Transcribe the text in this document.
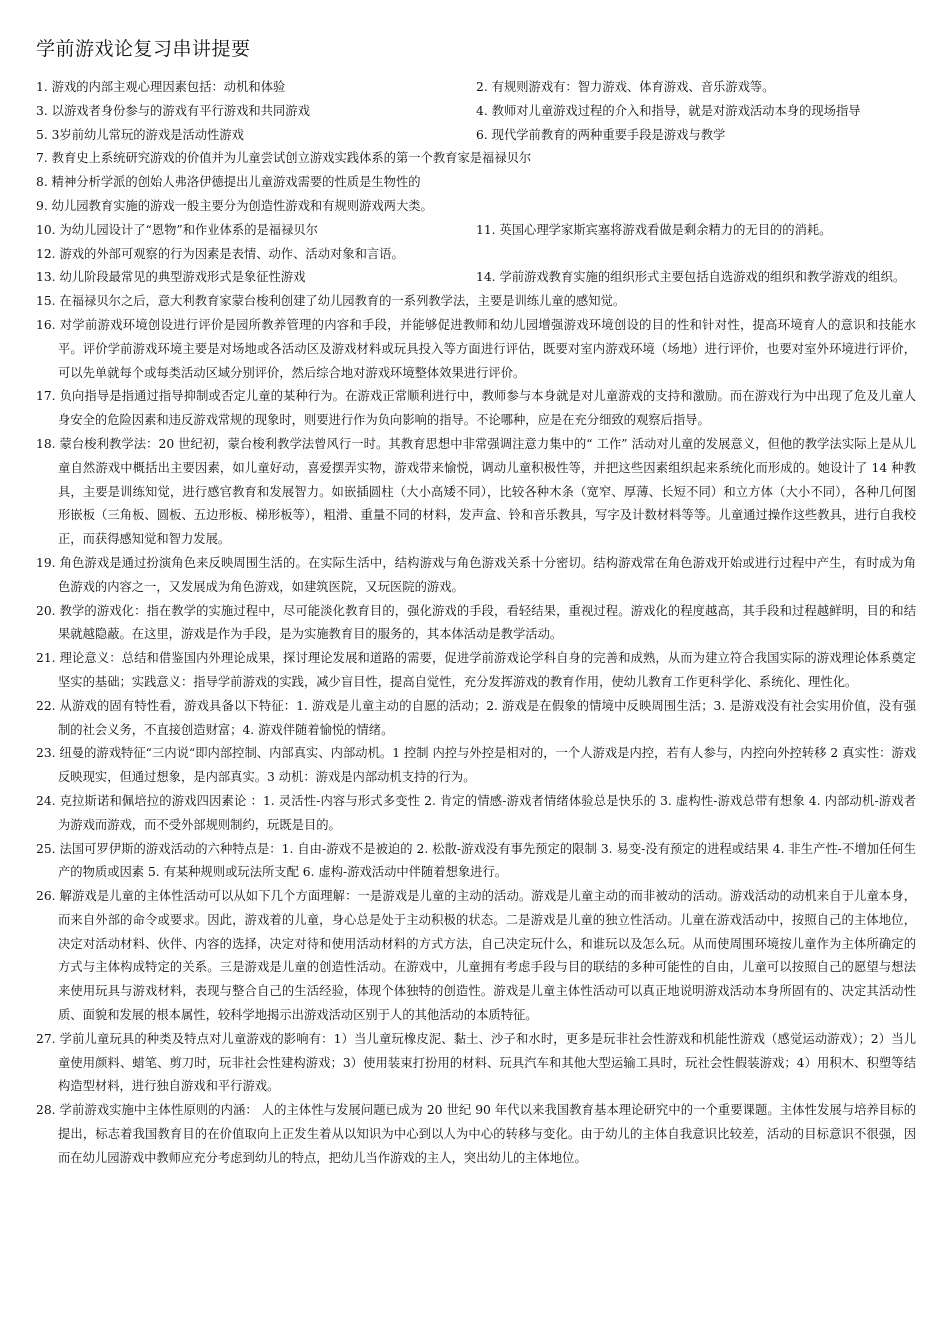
学前游戏论复习串讲提要
1. 游戏的内部主观心理因素包括：动机和体验	2. 有规则游戏有：智力游戏、体育游戏、音乐游戏等。
3. 以游戏者身份参与的游戏有平行游戏和共同游戏	4. 教师对儿童游戏过程的介入和指导，就是对游戏活动本身的现场指导
5. 3岁前幼儿常玩的游戏是活动性游戏	6. 现代学前教育的两种重要手段是游戏与教学
7. 教育史上系统研究游戏的价值并为儿童尝试创立游戏实践体系的第一个教育家是福禄贝尔
8. 精神分析学派的创始人弗洛伊德提出儿童游戏需要的性质是生物性的
9. 幼儿园教育实施的游戏一般主要分为创造性游戏和有规则游戏两大类。
10. 为幼儿园设计了“恩物”和作业体系的是福禄贝尔	11. 英国心理学家斯宾塞将游戏看做是剩余精力的无目的的消耗。
12. 游戏的外部可观察的行为因素是表情、动作、活动对象和言语。
13. 幼儿阶段最常见的典型游戏形式是象征性游戏	14. 学前游戏教育实施的组织形式主要包括自选游戏的组织和教学游戏的组织。
15. 在福禄贝尔之后，意大利教育家蒙台梭利创建了幼儿园教育的一系列教学法，主要是训练儿童的感知觉。
16. 对学前游戏环境创设进行评价是园所教养管理的内容和手段，并能够促进教师和幼儿园增强游戏环境创设的目的性和针对性，提高环境育人的意识和技能水平。评价学前游戏环境主要是对场地或各活动区及游戏材料或玩具投入等方面进行评估，既要对室内游戏环境（场地）进行评价，也要对室外环境进行评价，可以先单就每个或每类活动区域分别评价，然后综合地对游戏环境整体效果进行评价。
17. 负向指导是指通过指导抑制或否定儿童的某种行为。在游戏正常顺利进行中，教师参与本身就是对儿童游戏的支持和激励。而在游戏行为中出现了危及儿童人身安全的危险因素和违反游戏常规的现象时，则要进行作为负向影响的指导。不论哪种，应是在充分细致的观察后指导。
18. 蒙台梭利教学法：20 世纪初，蒙台梭利教学法曾风行一时。其教育思想中非常强调注意力集中的“ 工作” 活动对儿童的发展意义，但他的教学法实际上是从儿童自然游戏中概括出主要因素，如儿童好动，喜爱摆弄实物，游戏带来愉悦，调动儿童积极性等，并把这些因素组织起来系统化而形成的。她设计了 14 种教具，主要是训练知觉，进行感官教育和发展智力。如嵌插圆柱（大小高矮不同），比较各种木条（宽窄、厚薄、长短不同）和立方体（大小不同），各种几何图形嵌板（三角板、圆板、五边形板、梯形板等），粗滑、重量不同的材料，发声盒、铃和音乐教具，写字及计数材料等等。儿童通过操作这些教具，进行自我校正，而获得感知觉和智力发展。
19. 角色游戏是通过扮演角色来反映周围生活的。在实际生活中，结构游戏与角色游戏关系十分密切。结构游戏常在角色游戏开始或进行过程中产生，有时成为角色游戏的内容之一，又发展成为角色游戏，如建筑医院，又玩医院的游戏。
20. 教学的游戏化：指在教学的实施过程中，尽可能淡化教育目的，强化游戏的手段，看轻结果，重视过程。游戏化的程度越高，其手段和过程越鲜明，目的和结果就越隐蔽。在这里，游戏是作为手段，是为实施教育目的服务的，其本体活动是教学活动。
21. 理论意义：总结和借鉴国内外理论成果，探讨理论发展和道路的需要，促进学前游戏论学科自身的完善和成熟，从而为建立符合我国实际的游戏理论体系奠定坚实的基础；实践意义：指导学前游戏的实践，减少盲目性，提高自觉性，充分发挥游戏的教育作用，使幼儿教育工作更科学化、系统化、理性化。
22. 从游戏的固有特性看，游戏具备以下特征：1. 游戏是儿童主动的自愿的活动；2. 游戏是在假象的情境中反映周围生活；3. 是游戏没有社会实用价值，没有强制的社会义务，不直接创造财富；4. 游戏伴随着愉悦的情绪。
23. 纽曼的游戏特征“三内说“即内部控制、内部真实、内部动机。1 控制 内控与外控是相对的，一个人游戏是内控，若有人参与，内控向外控转移 2 真实性：游戏反映现实，但通过想象，是内部真实。3 动机：游戏是内部动机支持的行为。
24. 克拉斯诺和佩培拉的游戏四因素论 ：1. 灵活性-内容与形式多变性 2. 肯定的情感-游戏者情绪体验总是快乐的 3. 虚构性-游戏总带有想象 4. 内部动机-游戏者为游戏而游戏，而不受外部规则制约，玩既是目的。
25. 法国可罗伊斯的游戏活动的六种特点是：1. 自由-游戏不是被迫的 2. 松散-游戏没有事先预定的限制 3. 易变-没有预定的进程或结果 4. 非生产性-不增加任何生产的物质或因素 5. 有某种规则或玩法所支配 6. 虚构-游戏活动中伴随着想象进行。
26. 解游戏是儿童的主体性活动可以从如下几个方面理解：一是游戏是儿童的主动的活动。游戏是儿童主动的而非被动的活动。游戏活动的动机来自于儿童本身，而来自外部的命令或要求。因此，游戏着的儿童，身心总是处于主动积极的状态。二是游戏是儿童的独立性活动。儿童在游戏活动中，按照自己的主体地位，决定对活动材料、伙伴、内容的选择，决定对待和使用活动材料的方式方法，自己决定玩什么，和谁玩以及怎么玩。从而使周围环境按儿童作为主体所确定的方式与主体构成特定的关系。三是游戏是儿童的创造性活动。在游戏中，儿童拥有考虑手段与目的联结的多种可能性的自由，儿童可以按照自己的愿望与想法来使用玩具与游戏材料，表现与整合自己的生活经验，体现个体独特的创造性。游戏是儿童主体性活动可以真正地说明游戏活动本身所固有的、决定其活动性质、面貌和发展的根本属性，较科学地揭示出游戏活动区别于人的其他活动的本质特征。
27. 学前儿童玩具的种类及特点对儿童游戏的影响有：1）当儿童玩橡皮泥、黏土、沙子和水时，更多是玩非社会性游戏和机能性游戏（感觉运动游戏）；2）当儿童使用颜料、蜡笔、剪刀时，玩非社会性建构游戏；3）使用装束打扮用的材料、玩具汽车和其他大型运输工具时，玩社会性假装游戏；4）用积木、积塑等结构造型材料，进行独自游戏和平行游戏。
28. 学前游戏实施中主体性原则的内涵： 人的主体性与发展问题已成为 20 世纪 90 年代以来我国教育基本理论研究中的一个重要课题。主体性发展与培养目标的提出，标志着我国教育目的在价值取向上正发生着从以知识为中心到以人为中心的转移与变化。由于幼儿的主体自我意识比较差，活动的目标意识不很强，因而在幼儿园游戏中教师应充分考虑到幼儿的特点，把幼儿当作游戏的主人，突出幼儿的主体地位。
